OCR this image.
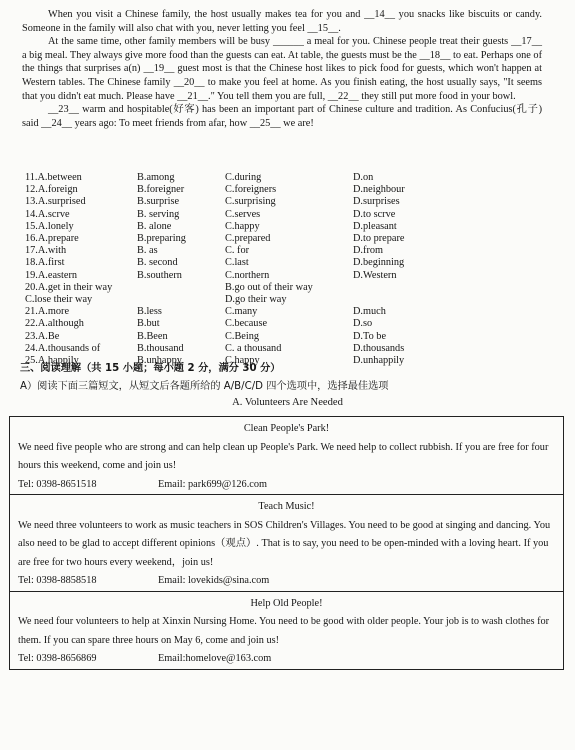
When you visit a Chinese family, the host usually makes tea for you and __14__ you snacks like biscuits or candy. Someone in the family will also chat with you, never letting you feel __15__.

At the same time, other family members will be busy ______ a meal for you. Chinese people treat their guests __17__ a big meal. They always give more food than the guests can eat. At table, the guests must be the __18__ to eat. Perhaps one of the things that surprises a(n) __19__ guest most is that the Chinese host likes to pick food for guests, which won't happen at Western tables. The Chinese family __20__ to make you feel at home. As you finish eating, the host usually says, "It seems that you didn't eat much. Please have __21__." You tell them you are full, __22__ they still put more food in your bowl.

__23__ warm and hospitable(好客) has been an important part of Chinese culture and tradition. As Confucius(孔子) said __24__ years ago: To meet friends from afar, how __25__ we are!

11.A.between	B.among	C.during	D.on
12.A.foreign	B.foreigner	C.foreigners	D.neighbour
13.A.surprised	B.surprise	C.surprising	D.surprises
14.A.scrve	B. serving	C.serves	D.to scrve
15.A.lonely	B. alone	C.happy	D.pleasant
16.A.prepare	B.preparing	C.prepared	D.to prepare
17.A.with	B. as	C. for	D.from
18.A.first	B. second	C.last	D.beginning
19.A.eastern	B.southern	C.northern	D.Western
20.A.get in their way	B.go out of their way
C.lose their way	D.go their way
21.A.more	B.less	C.many	D.much
22.A.although	B.but	C.because	D.so
23.A.Be	B.Been	C.Being	D.To be
24.A.thousands of	B.thousand	C. a thousand	D.thousands
25.A.happily	B.unhappy	C.happy	D.unhappily
三、阅读理解（共 15 小题；每小题 2 分，满分 30 分）
A）阅读下面三篇短文，从短文后各题所给的 A/B/C/D 四个选项中，选择最佳选项
A. Volunteers Are Needed
Clean People's Park!
We need five people who are strong and can help clean up People's Park. We need help to collect rubbish. If you are free for four hours this weekend, come and join us!
Tel: 0398-8651518	Email: park699@126.com
Teach Music!
We need three volunteers to work as music teachers in SOS Children's Villages. You need to be good at singing and dancing. You also need to be glad to accept different opinions（观点）. That is to say, you need to be open-minded with a loving heart. If you are free for two hours every weekend，join us!
Tel: 0398-8858518	Email: lovekids@sina.com
Help Old People!
We need four volunteers to help at Xinxin Nursing Home. You need to be good with older people. Your job is to wash clothes for them. If you can spare three hours on May 6, come and join us!
Tel: 0398-8656869	Email:homelove@163.com
